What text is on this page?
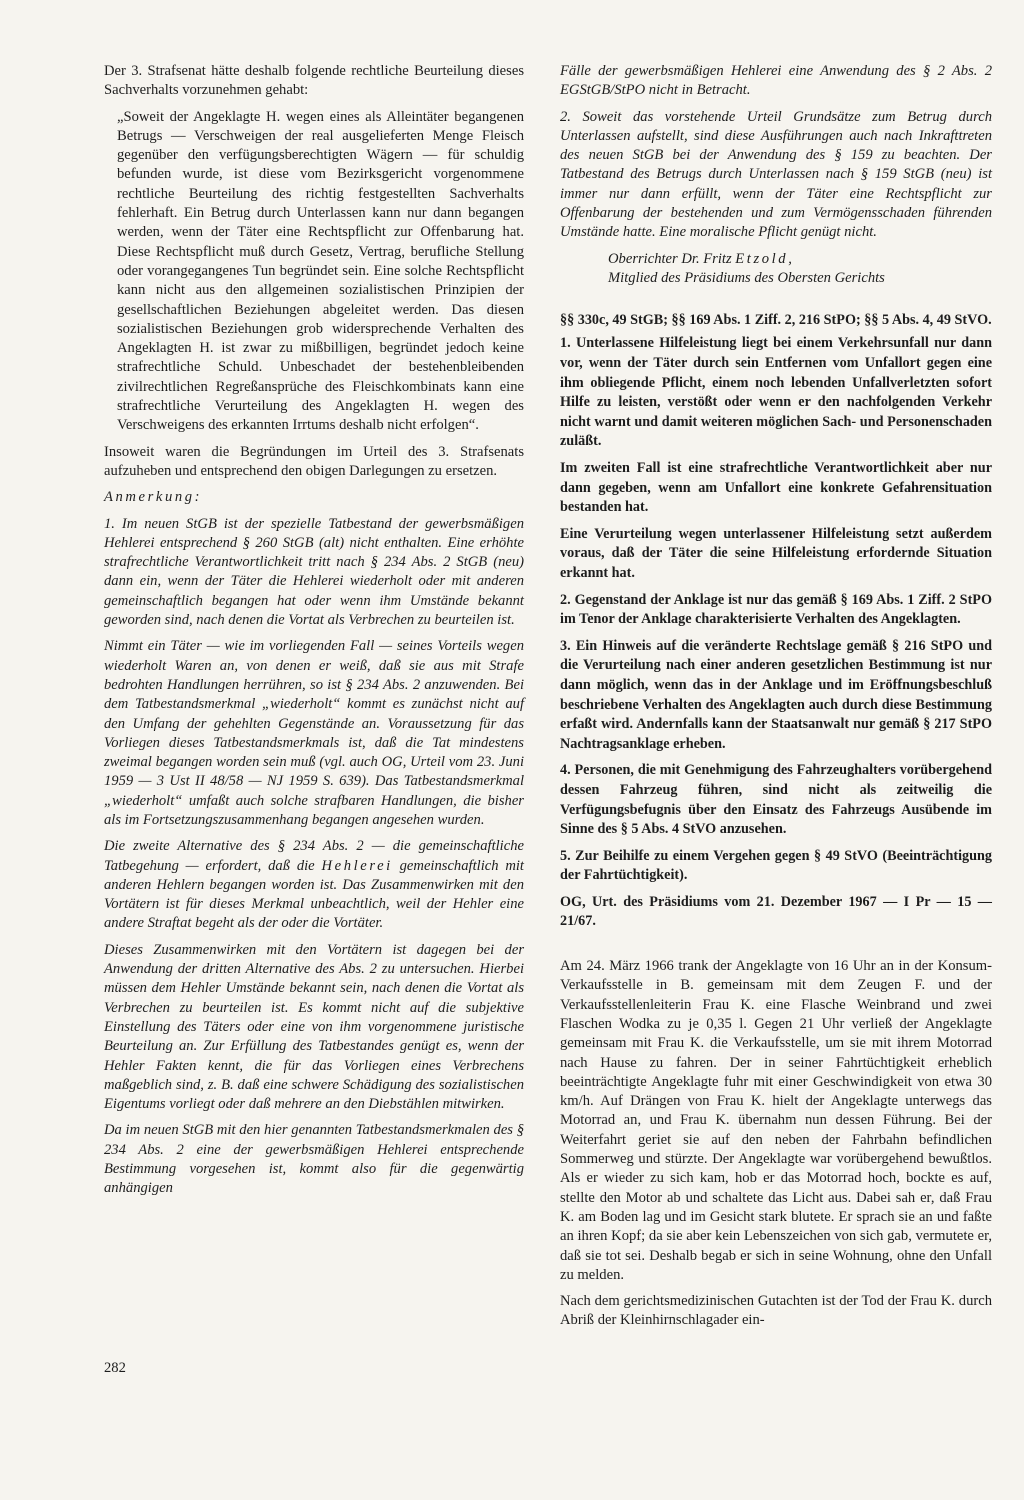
Der 3. Strafsenat hätte deshalb folgende rechtliche Beurteilung dieses Sachverhalts vorzunehmen gehabt:

„Soweit der Angeklagte H. wegen eines als Alleintäter begangenen Betrugs — Verschweigen der real ausgelieferten Menge Fleisch gegenüber den verfügungsberechtigten Wägern — für schuldig befunden wurde, ist diese vom Bezirksgericht vorgenommene rechtliche Beurteilung des richtig festgestellten Sachverhalts fehlerhaft. Ein Betrug durch Unterlassen kann nur dann begangen werden, wenn der Täter eine Rechtspflicht zur Offenbarung hat. Diese Rechtspflicht muß durch Gesetz, Vertrag, berufliche Stellung oder vorangegangenes Tun begründet sein. Eine solche Rechtspflicht kann nicht aus den allgemeinen sozialistischen Prinzipien der gesellschaftlichen Beziehungen abgeleitet werden. Das diesen sozialistischen Beziehungen grob widersprechende Verhalten des Angeklagten H. ist zwar zu mißbilligen, begründet jedoch keine strafrechtliche Schuld. Unbeschadet der bestehenbleibenden zivilrechtlichen Regreßansprüche des Fleischkombinats kann eine strafrechtliche Verurteilung des Angeklagten H. wegen des Verschweigens des erkannten Irrtums deshalb nicht erfolgen“.

Insoweit waren die Begründungen im Urteil des 3. Strafsenats aufzuheben und entsprechend den obigen Darlegungen zu ersetzen.

Anmerkung:

1. Im neuen StGB ist der spezielle Tatbestand der gewerbsmäßigen Hehlerei entsprechend § 260 StGB (alt) nicht enthalten. Eine erhöhte strafrechtliche Verantwortlichkeit tritt nach § 234 Abs. 2 StGB (neu) dann ein, wenn der Täter die Hehlerei wiederholt oder mit anderen gemeinschaftlich begangen hat oder wenn ihm Umstände bekannt geworden sind, nach denen die Vortat als Verbrechen zu beurteilen ist.

Nimmt ein Täter — wie im vorliegenden Fall — seines Vorteils wegen wiederholt Waren an, von denen er weiß, daß sie aus mit Strafe bedrohten Handlungen herrühren, so ist § 234 Abs. 2 anzuwenden. Bei dem Tatbestandsmerkmal „wiederholt“ kommt es zunächst nicht auf den Umfang der gehehlten Gegenstände an. Voraussetzung für das Vorliegen dieses Tatbestandsmerkmals ist, daß die Tat mindestens zweimal begangen worden sein muß (vgl. auch OG, Urteil vom 23. Juni 1959 — 3 Ust II 48/58 — NJ 1959 S. 639). Das Tatbestandsmerkmal „wiederholt“ umfaßt auch solche strafbaren Handlungen, die bisher als im Fortsetzungszusammenhang begangen angesehen wurden.

Die zweite Alternative des § 234 Abs. 2 — die gemeinschaftliche Tatbegehung — erfordert, daß die Hehlerei gemeinschaftlich mit anderen Hehlern begangen worden ist. Das Zusammenwirken mit den Vortätern ist für dieses Merkmal unbeachtlich, weil der Hehler eine andere Straftat begeht als der oder die Vortäter.

Dieses Zusammenwirken mit den Vortätern ist dagegen bei der Anwendung der dritten Alternative des Abs. 2 zu untersuchen. Hierbei müssen dem Hehler Umstände bekannt sein, nach denen die Vortat als Verbrechen zu beurteilen ist. Es kommt nicht auf die subjektive Einstellung des Täters oder eine von ihm vorgenommene juristische Beurteilung an. Zur Erfüllung des Tatbestandes genügt es, wenn der Hehler Fakten kennt, die für das Vorliegen eines Verbrechens maßgeblich sind, z. B. daß eine schwere Schädigung des sozialistischen Eigentums vorliegt oder daß mehrere an den Diebstählen mitwirken.

Da im neuen StGB mit den hier genannten Tatbestandsmerkmalen des § 234 Abs. 2 eine der gewerbsmäßigen Hehlerei entsprechende Bestimmung vorgesehen ist, kommt also für die gegenwärtig anhängigen

282

Fälle der gewerbsmäßigen Hehlerei eine Anwendung des § 2 Abs. 2 EGStGB/StPO nicht in Betracht.

2. Soweit das vorstehende Urteil Grundsätze zum Betrug durch Unterlassen aufstellt, sind diese Ausführungen auch nach Inkrafttreten des neuen StGB bei der Anwendung des § 159 zu beachten. Der Tatbestand des Betrugs durch Unterlassen nach § 159 StGB (neu) ist immer nur dann erfüllt, wenn der Täter eine Rechtspflicht zur Offenbarung der bestehenden und zum Vermögensschaden führenden Umstände hatte. Eine moralische Pflicht genügt nicht.

Oberrichter Dr. Fritz Etzold,

Mitglied des Präsidiums des Obersten Gerichts

§§ 330c, 49 StGB; §§ 169 Abs. 1 Ziff. 2, 216 StPO; §§ 5 Abs. 4, 49 StVO.

1. Unterlassene Hilfeleistung liegt bei einem Verkehrsunfall nur dann vor, wenn der Täter durch sein Entfernen vom Unfallort gegen eine ihm obliegende Pflicht, einem noch lebenden Unfallverletzten sofort Hilfe zu leisten, verstößt oder wenn er den nachfolgenden Verkehr nicht warnt und damit weiteren möglichen Sach- und Personenschaden zuläßt.

Im zweiten Fall ist eine strafrechtliche Verantwortlichkeit aber nur dann gegeben, wenn am Unfallort eine konkrete Gefahrensituation bestanden hat.

Eine Verurteilung wegen unterlassener Hilfeleistung setzt außerdem voraus, daß der Täter die seine Hilfeleistung erfordernde Situation erkannt hat.

2. Gegenstand der Anklage ist nur das gemäß § 169 Abs. 1 Ziff. 2 StPO im Tenor der Anklage charakterisierte Verhalten des Angeklagten.

3. Ein Hinweis auf die veränderte Rechtslage gemäß § 216 StPO und die Verurteilung nach einer anderen gesetzlichen Bestimmung ist nur dann möglich, wenn das in der Anklage und im Eröffnungsbeschluß beschriebene Verhalten des Angeklagten auch durch diese Bestimmung erfaßt wird. Andernfalls kann der Staatsanwalt nur gemäß § 217 StPO Nachtragsanklage erheben.

4. Personen, die mit Genehmigung des Fahrzeughalters vorübergehend dessen Fahrzeug führen, sind nicht als zeitweilig die Verfügungsbefugnis über den Einsatz des Fahrzeugs Ausübende im Sinne des § 5 Abs. 4 StVO anzusehen.

5. Zur Beihilfe zu einem Vergehen gegen § 49 StVO (Beeinträchtigung der Fahrtüchtigkeit).

OG, Urt. des Präsidiums vom 21. Dezember 1967 — I Pr — 15 — 21/67.

Am 24. März 1966 trank der Angeklagte von 16 Uhr an in der Konsum-Verkaufsstelle in B. gemeinsam mit dem Zeugen F. und der Verkaufsstellenleiterin Frau K. eine Flasche Weinbrand und zwei Flaschen Wodka zu je 0,35 l. Gegen 21 Uhr verließ der Angeklagte gemeinsam mit Frau K. die Verkaufsstelle, um sie mit ihrem Motorrad nach Hause zu fahren. Der in seiner Fahrtüchtigkeit erheblich beeinträchtigte Angeklagte fuhr mit einer Geschwindigkeit von etwa 30 km/h. Auf Drängen von Frau K. hielt der Angeklagte unterwegs das Motorrad an, und Frau K. übernahm nun dessen Führung. Bei der Weiterfahrt geriet sie auf den neben der Fahrbahn befindlichen Sommerweg und stürzte. Der Angeklagte war vorübergehend bewußtlos. Als er wieder zu sich kam, hob er das Motorrad hoch, bockte es auf, stellte den Motor ab und schaltete das Licht aus. Dabei sah er, daß Frau K. am Boden lag und im Gesicht stark blutete. Er sprach sie an und faßte an ihren Kopf; da sie aber kein Lebenszeichen von sich gab, vermutete er, daß sie tot sei. Deshalb begab er sich in seine Wohnung, ohne den Unfall zu melden.

Nach dem gerichtsmedizinischen Gutachten ist der Tod der Frau K. durch Abriß der Kleinhirnschlagader ein-
